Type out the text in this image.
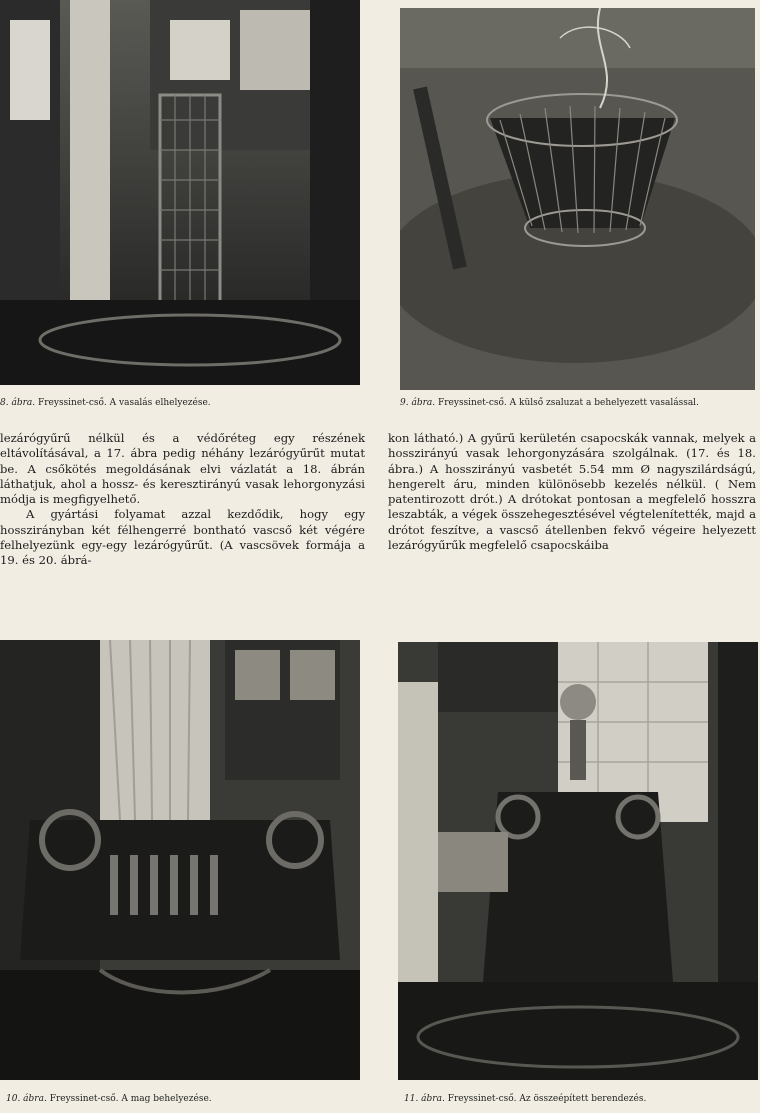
8. ábra. Freyssinet-cső. A vasalás elhelyezése.	9. ábra. Freyssinet-cső. A külső zsaluzat a behelyezett vasalással.

lezárógyűrű nélkül és a védőréteg egy részének eltávolításával, a 17. ábra pedig néhány lezárógyűrűt mutat be. A csőkötés megoldásának elvi vázlatát a 18. ábrán láthatjuk, ahol a hossz- és keresztirányú vasak lehorgonyzási módja is megfigyelhető.

A gyártási folyamat azzal kezdődik, hogy egy hosszirányban két félhengerré bontható vascső két végére felhelyezünk egy-egy lezárógyűrűt. (A vascsövek formája a 19. és 20. ábrá-

kon látható.) A gyűrű kerületén csapocskák vannak, melyek a hosszirányú vasak lehorgonyzására szolgálnak. (17. és 18. ábra.) A hosszirányú vasbetét 5.54 mm Ø nagyszilárdságú, hengerelt áru, minden különösebb kezelés nélkül. ( Nem patentirozott drót.) A drótokat pontosan a megfelelő hosszra leszabták, a végek összehegesztésével végtelenítették, majd a drótot feszítve, a vascső átellenben fekvő végeire helyezett lezárógyűrűk megfelelő csapocskáiba

10. ábra. Freyssinet-cső. A mag behelyezése.	11. ábra. Freyssinet-cső. Az összeépített berendezés.
